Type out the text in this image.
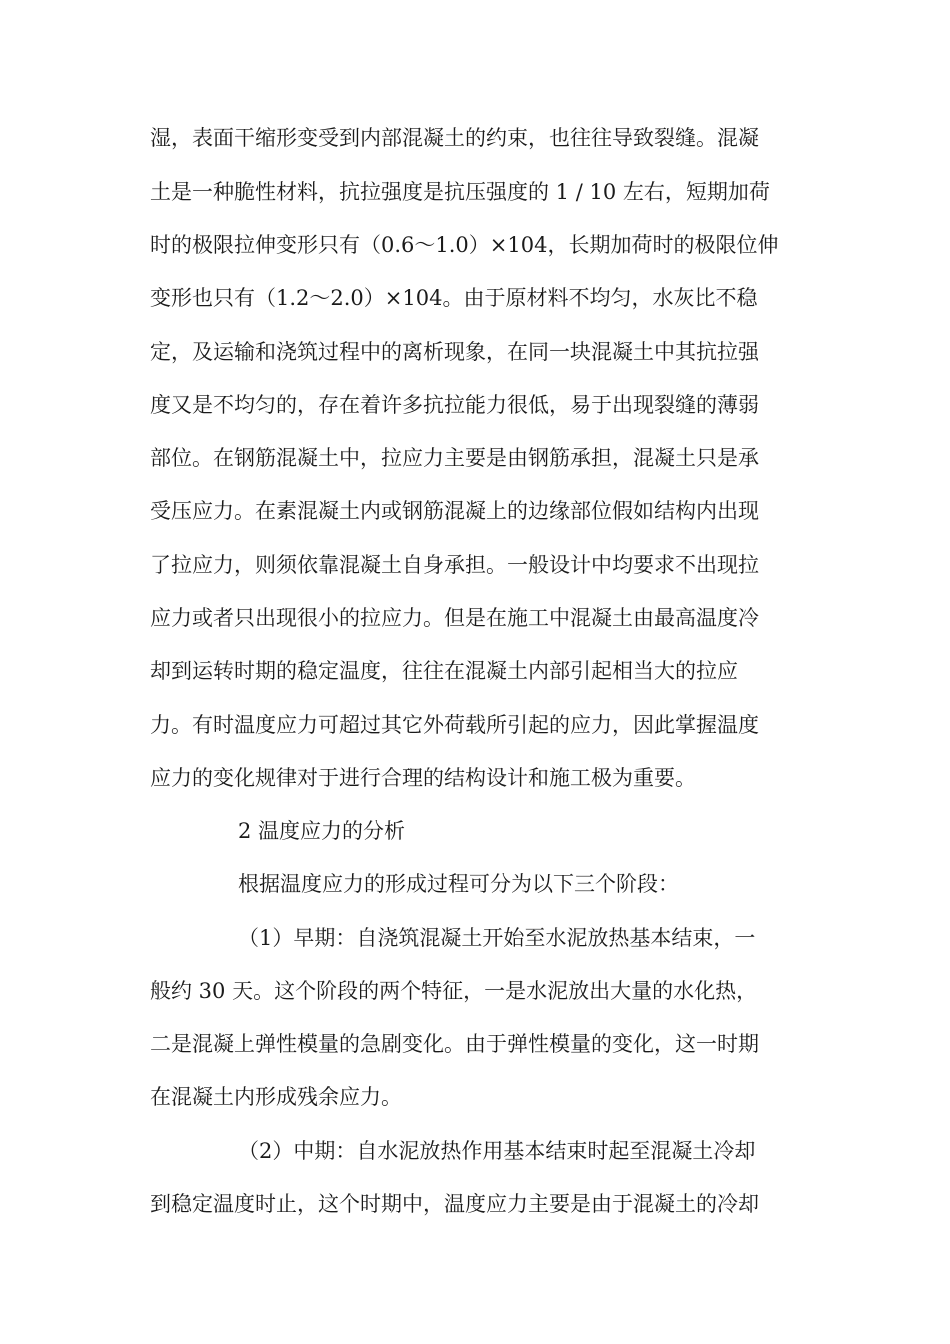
湿，表面干缩形变受到内部混凝土的约束，也往往导致裂缝。混凝
土是一种脆性材料，抗拉强度是抗压强度的 1 / 10 左右，短期加荷
时的极限拉伸变形只有（0.6～1.0）×104，长期加荷时的极限位伸
变形也只有（1.2～2.0）×104。由于原材料不均匀，水灰比不稳
定，及运输和浇筑过程中的离析现象，在同一块混凝土中其抗拉强
度又是不均匀的，存在着许多抗拉能力很低，易于出现裂缝的薄弱
部位。在钢筋混凝土中，拉应力主要是由钢筋承担，混凝土只是承
受压应力。在素混凝土内或钢筋混凝上的边缘部位假如结构内出现
了拉应力，则须依靠混凝土自身承担。一般设计中均要求不出现拉
应力或者只出现很小的拉应力。但是在施工中混凝土由最高温度冷
却到运转时期的稳定温度，往往在混凝土内部引起相当大的拉应
力。有时温度应力可超过其它外荷载所引起的应力，因此掌握温度
应力的变化规律对于进行合理的结构设计和施工极为重要。
2 温度应力的分析
根据温度应力的形成过程可分为以下三个阶段：
（1）早期：自浇筑混凝土开始至水泥放热基本结束，一
般约 30 天。这个阶段的两个特征，一是水泥放出大量的水化热，
二是混凝上弹性模量的急剧变化。由于弹性模量的变化，这一时期
在混凝土内形成残余应力。
（2）中期：自水泥放热作用基本结束时起至混凝土冷却
到稳定温度时止，这个时期中，温度应力主要是由于混凝土的冷却
